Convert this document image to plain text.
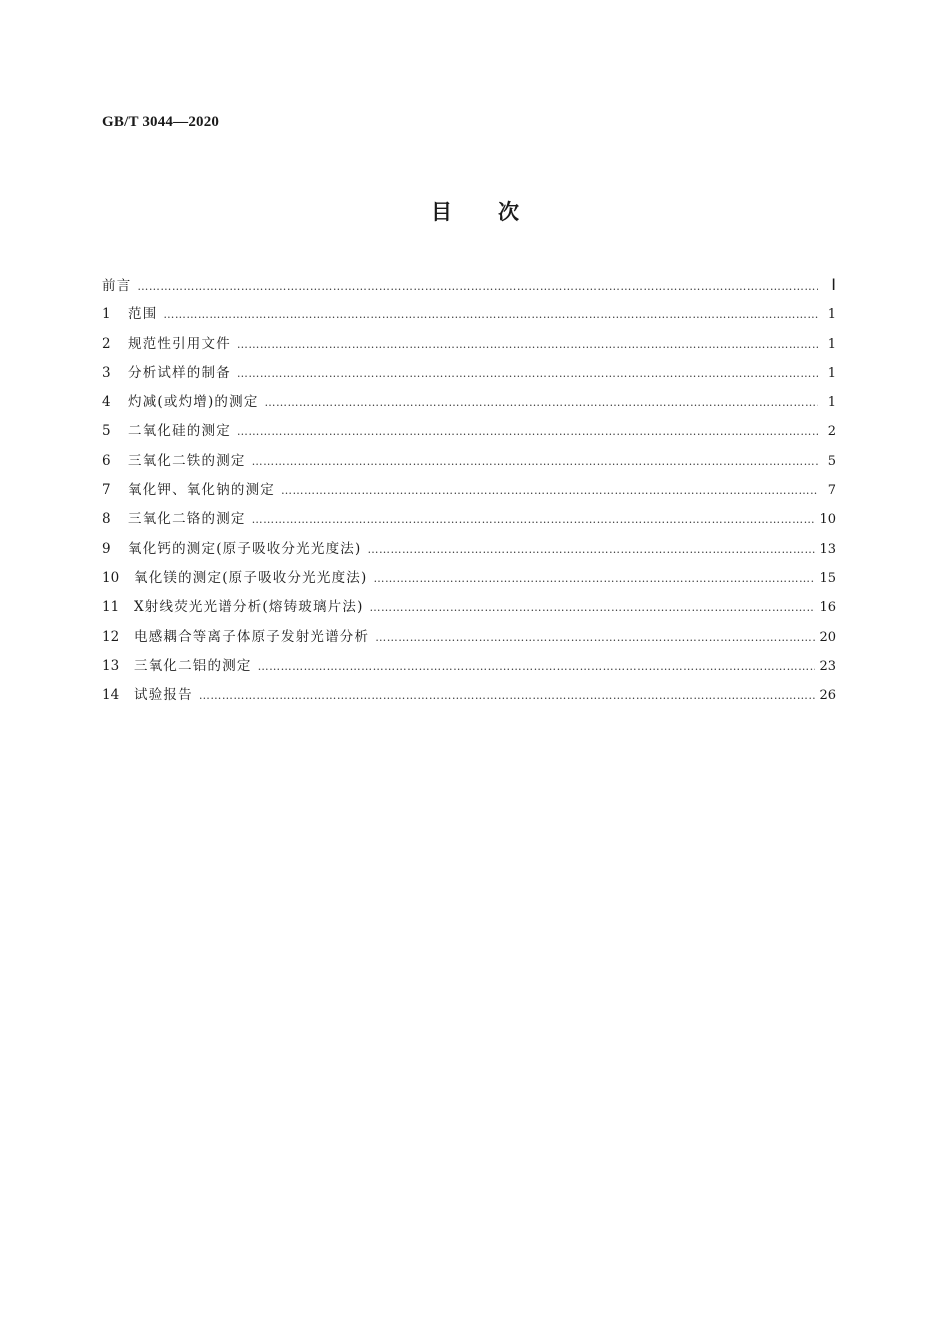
GB/T 3044—2020
目 次
前言 ……………………………………………………………………………………………………………………………………………………………………………………………………	Ⅰ
1	范围 ……………………………………………………………………………………………………………………………………………………………………………………………………	1
2	规范性引用文件 ……………………………………………………………………………………………………………………………………………………………………………………………………	1
3	分析试样的制备 ……………………………………………………………………………………………………………………………………………………………………………………………………	1
4	灼减(或灼增)的测定 ……………………………………………………………………………………………………………………………………………………………………………………………………	1
5	二氧化硅的测定 ……………………………………………………………………………………………………………………………………………………………………………………………………	2
6	三氧化二铁的测定 ……………………………………………………………………………………………………………………………………………………………………………………………………	5
7	氧化钾、氧化钠的测定 ……………………………………………………………………………………………………………………………………………………………………………………………………	7
8	三氧化二铬的测定 ……………………………………………………………………………………………………………………………………………………………………………………………………	10
9	氧化钙的测定(原子吸收分光光度法) ……………………………………………………………………………………………………………………………………………………………………………………………………	13
10	氧化镁的测定(原子吸收分光光度法) ……………………………………………………………………………………………………………………………………………………………………………………………………	15
11	X射线荧光光谱分析(熔铸玻璃片法) ……………………………………………………………………………………………………………………………………………………………………………………………………	16
12	电感耦合等离子体原子发射光谱分析 ……………………………………………………………………………………………………………………………………………………………………………………………………	20
13	三氧化二铝的测定 ……………………………………………………………………………………………………………………………………………………………………………………………………	23
14	试验报告 ……………………………………………………………………………………………………………………………………………………………………………………………………	26
